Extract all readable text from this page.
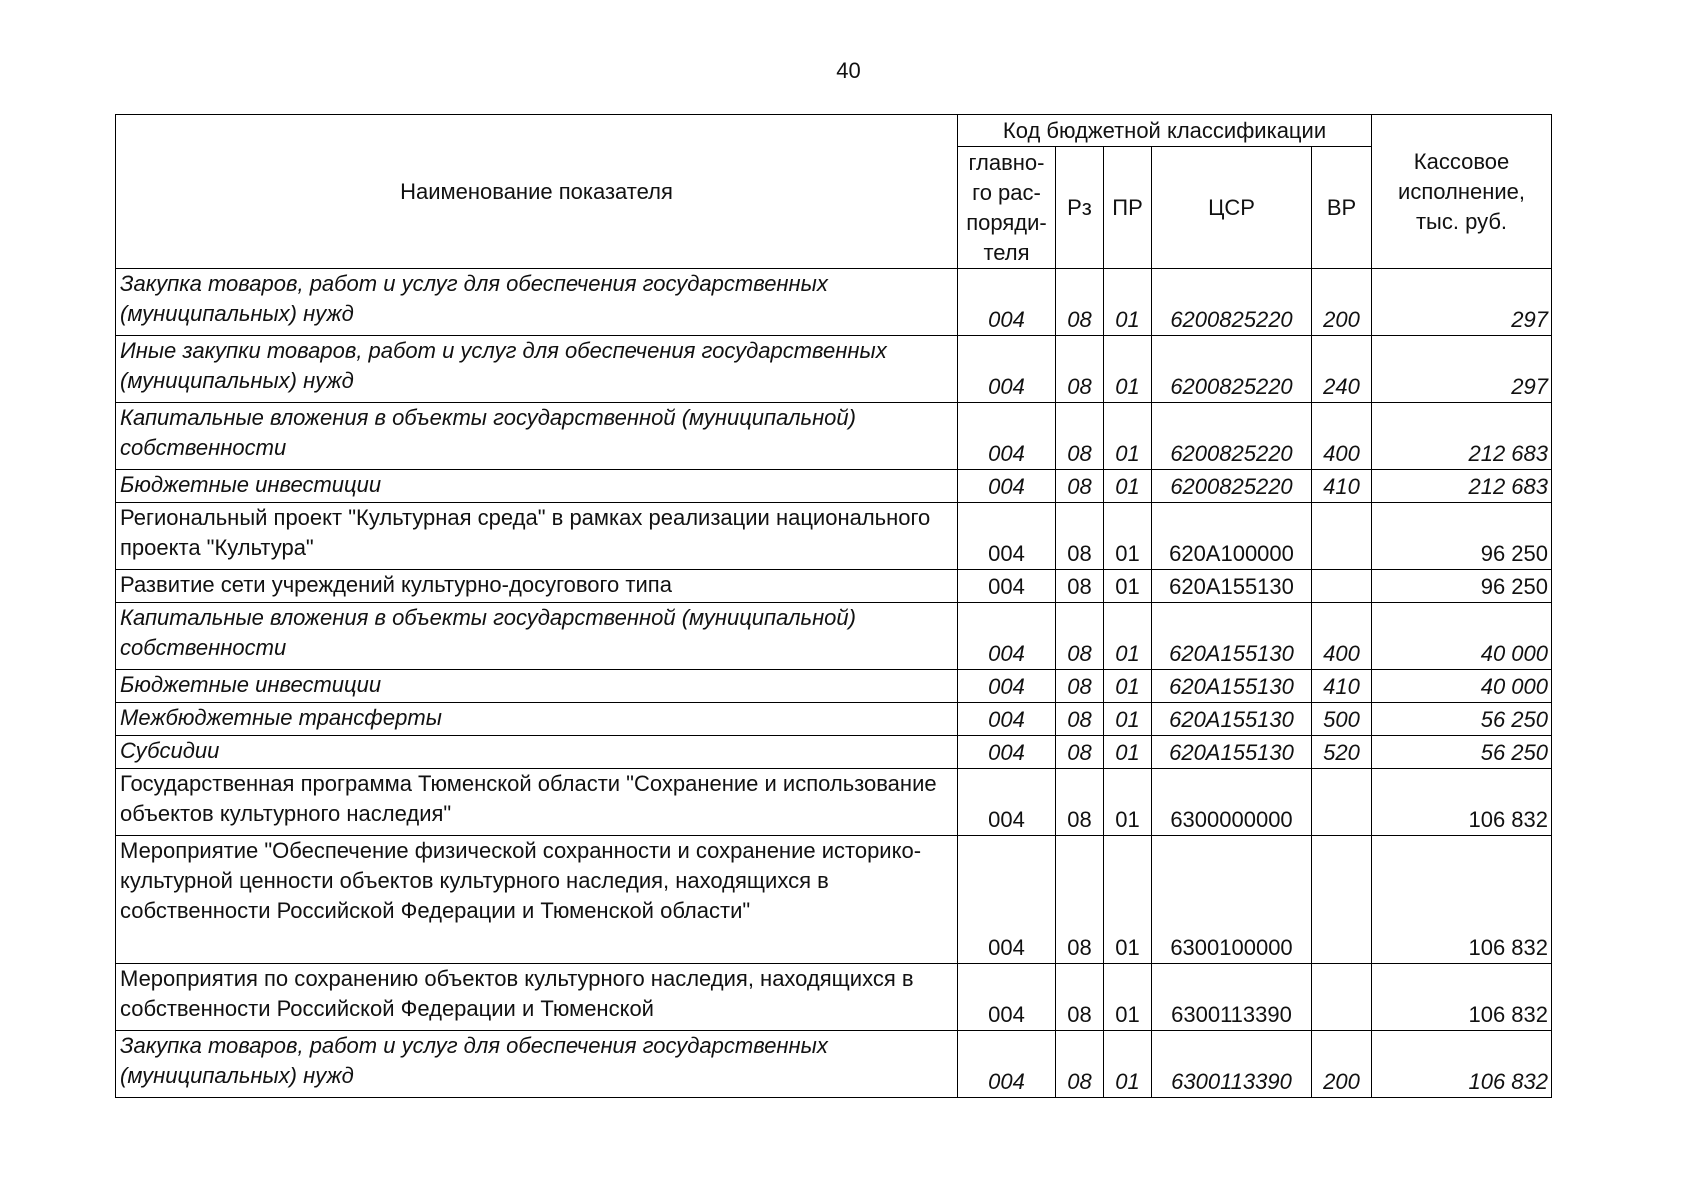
40
Наименование показателя	Код бюджетной классификации					Кассовое исполнение, тыс. руб.
	главно-
го рас-
поряди-
теля	Рз	ПР	ЦСР	ВР	
Закупка товаров, работ и услуг для обеспечения государственных (муниципальных) нужд	004	08	01	6200825220	200	297
Иные закупки товаров, работ и услуг для обеспечения государственных (муниципальных) нужд	004	08	01	6200825220	240	297
Капитальные вложения в объекты государственной (муниципальной) собственности	004	08	01	6200825220	400	212 683
Бюджетные инвестиции	004	08	01	6200825220	410	212 683
Региональный проект "Культурная среда" в рамках реализации национального проекта "Культура"	004	08	01	620А100000		96 250
Развитие сети учреждений культурно-досугового типа	004	08	01	620А155130		96 250
Капитальные вложения в объекты государственной (муниципальной) собственности	004	08	01	620А155130	400	40 000
Бюджетные инвестиции	004	08	01	620А155130	410	40 000
Межбюджетные трансферты	004	08	01	620А155130	500	56 250
Субсидии	004	08	01	620А155130	520	56 250
Государственная программа Тюменской области "Сохранение и использование объектов культурного наследия"	004	08	01	6300000000		106 832
Мероприятие "Обеспечение физической сохранности и сохранение историко-культурной ценности объектов культурного наследия, находящихся в собственности Российской Федерации и Тюменской области"	004	08	01	6300100000		106 832
Мероприятия по сохранению объектов культурного наследия, находящихся в собственности Российской Федерации и Тюменской	004	08	01	6300113390		106 832
Закупка товаров, работ и услуг для обеспечения государственных (муниципальных) нужд	004	08	01	6300113390	200	106 832
